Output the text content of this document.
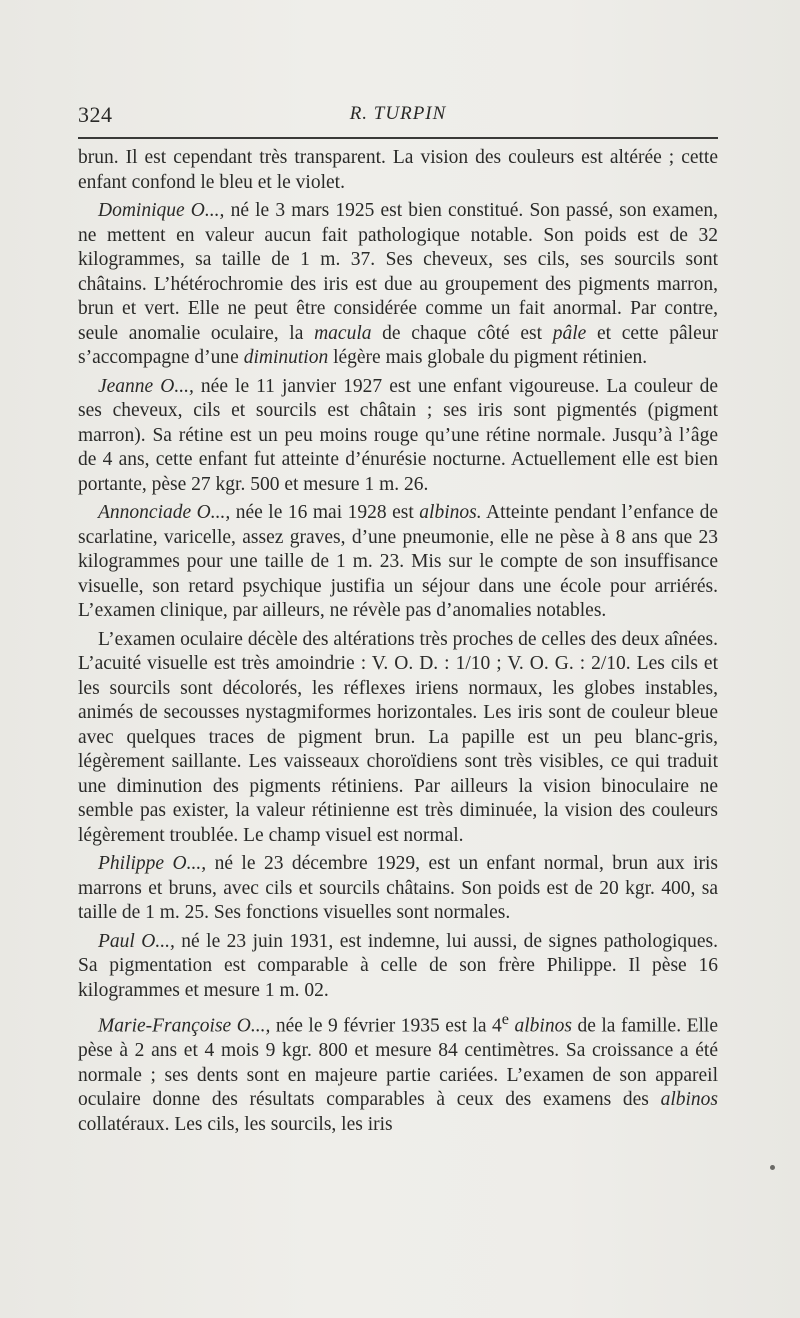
324	R. TURPIN

brun. Il est cependant très transparent. La vision des couleurs est altérée ; cette enfant confond le bleu et le violet.

Dominique O..., né le 3 mars 1925 est bien constitué. Son passé, son examen, ne mettent en valeur aucun fait pathologique notable. Son poids est de 32 kilogrammes, sa taille de 1 m. 37. Ses cheveux, ses cils, ses sourcils sont châtains. L’hétérochromie des iris est due au groupement des pigments marron, brun et vert. Elle ne peut être considérée comme un fait anormal. Par contre, seule anomalie oculaire, la macula de chaque côté est pâle et cette pâleur s’accompagne d’une diminution légère mais globale du pigment rétinien.

Jeanne O..., née le 11 janvier 1927 est une enfant vigoureuse. La couleur de ses cheveux, cils et sourcils est châtain ; ses iris sont pigmentés (pigment marron). Sa rétine est un peu moins rouge qu’une rétine normale. Jusqu’à l’âge de 4 ans, cette enfant fut atteinte d’énurésie nocturne. Actuellement elle est bien portante, pèse 27 kgr. 500 et mesure 1 m. 26.

Annonciade O..., née le 16 mai 1928 est albinos. Atteinte pendant l’enfance de scarlatine, varicelle, assez graves, d’une pneumonie, elle ne pèse à 8 ans que 23 kilogrammes pour une taille de 1 m. 23. Mis sur le compte de son insuffisance visuelle, son retard psychique justifia un séjour dans une école pour arriérés. L’examen clinique, par ailleurs, ne révèle pas d’anomalies notables.

L’examen oculaire décèle des altérations très proches de celles des deux aînées. L’acuité visuelle est très amoindrie : V. O. D. : 1/10 ; V. O. G. : 2/10. Les cils et les sourcils sont décolorés, les réflexes iriens normaux, les globes instables, animés de secousses nystagmiformes horizontales. Les iris sont de couleur bleue avec quelques traces de pigment brun. La papille est un peu blanc-gris, légèrement saillante. Les vaisseaux choroïdiens sont très visibles, ce qui traduit une diminution des pigments rétiniens. Par ailleurs la vision binoculaire ne semble pas exister, la valeur rétinienne est très diminuée, la vision des couleurs légèrement troublée. Le champ visuel est normal.

Philippe O..., né le 23 décembre 1929, est un enfant normal, brun aux iris marrons et bruns, avec cils et sourcils châtains. Son poids est de 20 kgr. 400, sa taille de 1 m. 25. Ses fonctions visuelles sont normales.

Paul O..., né le 23 juin 1931, est indemne, lui aussi, de signes pathologiques. Sa pigmentation est comparable à celle de son frère Philippe. Il pèse 16 kilogrammes et mesure 1 m. 02.

Marie-Françoise O..., née le 9 février 1935 est la 4e albinos de la famille. Elle pèse à 2 ans et 4 mois 9 kgr. 800 et mesure 84 centimètres. Sa croissance a été normale ; ses dents sont en majeure partie cariées. L’examen de son appareil oculaire donne des résultats comparables à ceux des examens des albinos collatéraux. Les cils, les sourcils, les iris
